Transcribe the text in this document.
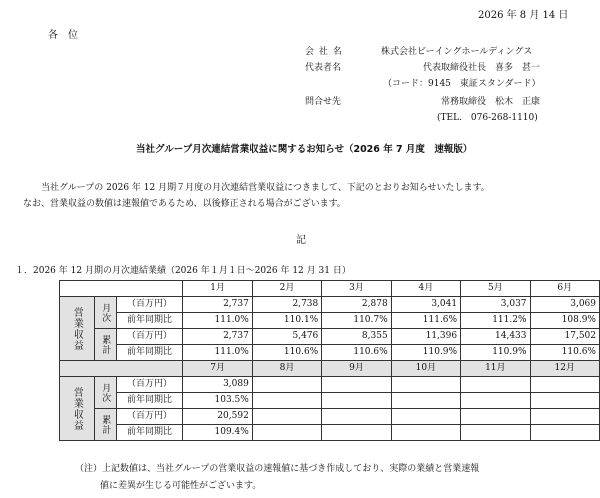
2026 年 8 月 14 日
各　位
会 社 名	株式会社ビーイングホールディングス
代表者名	代表取締役社長　喜多　甚一
（コード：9145　東証スタンダード）
問合せ先	常務取締役　松木　正康
(TEL.　076-268-1110)
当社グループ月次連結営業収益に関するお知らせ（2026 年 7 月度　速報版）
当社グループの 2026 年 12 月期７月度の月次連結営業収益につきまして、下記のとおりお知らせいたします。
なお、営業収益の数値は速報値であるため、以後修正される場合がございます。
記
１．2026 年 12 月期の月次連結業績（2026 年１月１日～2026 年 12 月 31 日）
			1月	2月	3月	4月	5月	6月

営業収益	月次	（百万円）	2,737	2,738	2,878	3,041	3,037	3,069
		前年同期比	111.0%	110.1%	110.7%	111.6%	111.2%	108.9%

	累計	（百万円）	2,737	5,476	8,355	11,396	14,433	17,502
		前年同期比	111.0%	110.6%	110.6%	110.9%	110.9%	110.6%
			7月	8月	9月	10月	11月	12月

営業収益	月次	（百万円）	3,089					
		前年同期比	103.5%					

	累計	（百万円）	20,592					
		前年同期比	109.4%					
（注）上記数値は、当社グループの営業収益の速報値に基づき作成しており、実際の業績と営業速報
値に差異が生じる可能性がございます。
